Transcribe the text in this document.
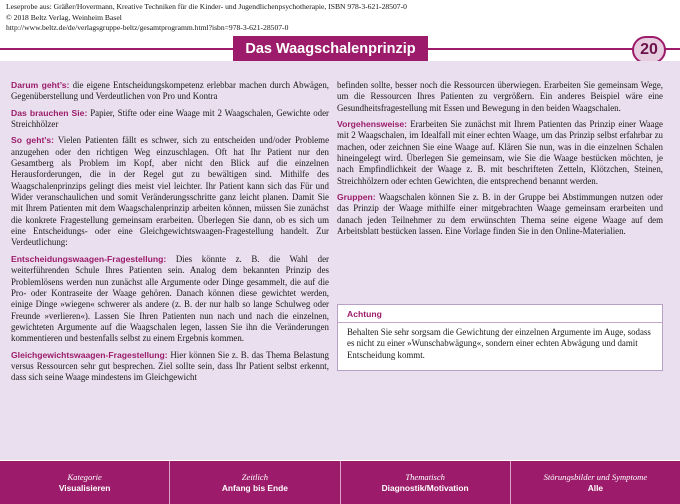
Leseprobe aus: Gräßer/Hovermann, Kreative Techniken für die Kinder- und Jugendlichenpsychotherapie, ISBN 978-3-621-28507-0
© 2018 Beltz Verlag, Weinheim Basel
http://www.beltz.de/de/verlagsgruppe-beltz/gesamtprogramm.html?isbn=978-3-621-28507-0
Das Waagschalenprinzip	20

Darum geht’s: die eigene Entscheidungskompetenz erlebbar machen durch Abwägen, Gegenüberstellung und Verdeutlichen von Pro und Kontra

Das brauchen Sie: Papier, Stifte oder eine Waage mit 2 Waagschalen, Gewichte oder Streichhölzer

So geht’s: Vielen Patienten fällt es schwer, sich zu entscheiden und/oder Probleme anzugehen oder den richtigen Weg einzuschlagen. Oft hat Ihr Patient nur den Gesamtberg als Problem im Kopf, aber nicht den Blick auf die einzelnen Herausforderungen, die in der Regel gut zu bewältigen sind. Mithilfe des Waagschalenprinzips gelingt dies meist viel leichter. Ihr Patient kann sich das Für und Wider veranschaulichen und somit Veränderungsschritte ganz leicht planen. Damit Sie mit Ihrem Patienten mit dem Waagschalenprinzip arbeiten können, müssen Sie zunächst die konkrete Fragestellung gemeinsam erarbeiten. Überlegen Sie dann, ob es sich um eine Entscheidungs- oder eine Gleichgewichtswaagen-Fragestellung handelt. Zur Verdeutlichung:

Entscheidungswaagen-Fragestellung: Dies könnte z. B. die Wahl der weiterführenden Schule Ihres Patienten sein. Analog dem bekannten Prinzip des Problemlösens werden nun zunächst alle Argumente oder Dinge gesammelt, die auf die Pro- oder Kontraseite der Waage gehören. Danach können diese gewichtet werden, einige Dinge »wiegen« schwerer als andere (z. B. der nur halb so lange Schulweg oder Freunde »verlieren«). Lassen Sie Ihren Patienten nun nach und nach die einzelnen, gewichteten Argumente auf die Waagschalen legen, lassen Sie ihn die Veränderungen kommentieren und bestenfalls selbst zu einem Ergebnis kommen.

Gleichgewichtswaagen-Fragestellung: Hier können Sie z. B. das Thema Belastung versus Ressourcen sehr gut besprechen. Ziel sollte sein, dass Ihr Patient selbst erkennt, dass sich seine Waage mindestens im Gleichgewicht

befinden sollte, besser noch die Ressourcen überwiegen. Erarbeiten Sie gemeinsam Wege, um die Ressourcen Ihres Patienten zu vergrößern. Ein anderes Beispiel wäre eine Gesundheitsfragestellung mit Essen und Bewegung in den beiden Waagschalen.

Vorgehensweise: Erarbeiten Sie zunächst mit Ihrem Patienten das Prinzip einer Waage mit 2 Waagschalen, im Idealfall mit einer echten Waage, um das Prinzip selbst erfahrbar zu machen, oder zeichnen Sie eine Waage auf. Klären Sie nun, was in die einzelnen Schalen hineingelegt wird. Überlegen Sie gemeinsam, wie Sie die Waage bestücken möchten, je nach Empfindlichkeit der Waage z. B. mit beschrifteten Zetteln, Klötzchen, Steinen, Streichhölzern oder echten Gewichten, die entsprechend benannt werden.

Gruppen: Waagschalen können Sie z. B. in der Gruppe bei Abstimmungen nutzen oder das Prinzip der Waage mithilfe einer mitgebrachten Waage gemeinsam erarbeiten und danach jeden Teilnehmer zu dem erwünschten Thema seine eigene Waage auf dem Arbeitsblatt bestücken lassen. Eine Vorlage finden Sie in den Online-Materialien.

Achtung
Behalten Sie sehr sorgsam die Gewichtung der einzelnen Argumente im Auge, sodass es nicht zu einer »Wunschabwägung«, sondern einer echten Abwägung und damit Entscheidung kommt.
Kategorie
Visualisieren
Zeitlich
Anfang bis Ende
Thematisch
Diagnostik/Motivation
Störungsbilder und Symptome
Alle
